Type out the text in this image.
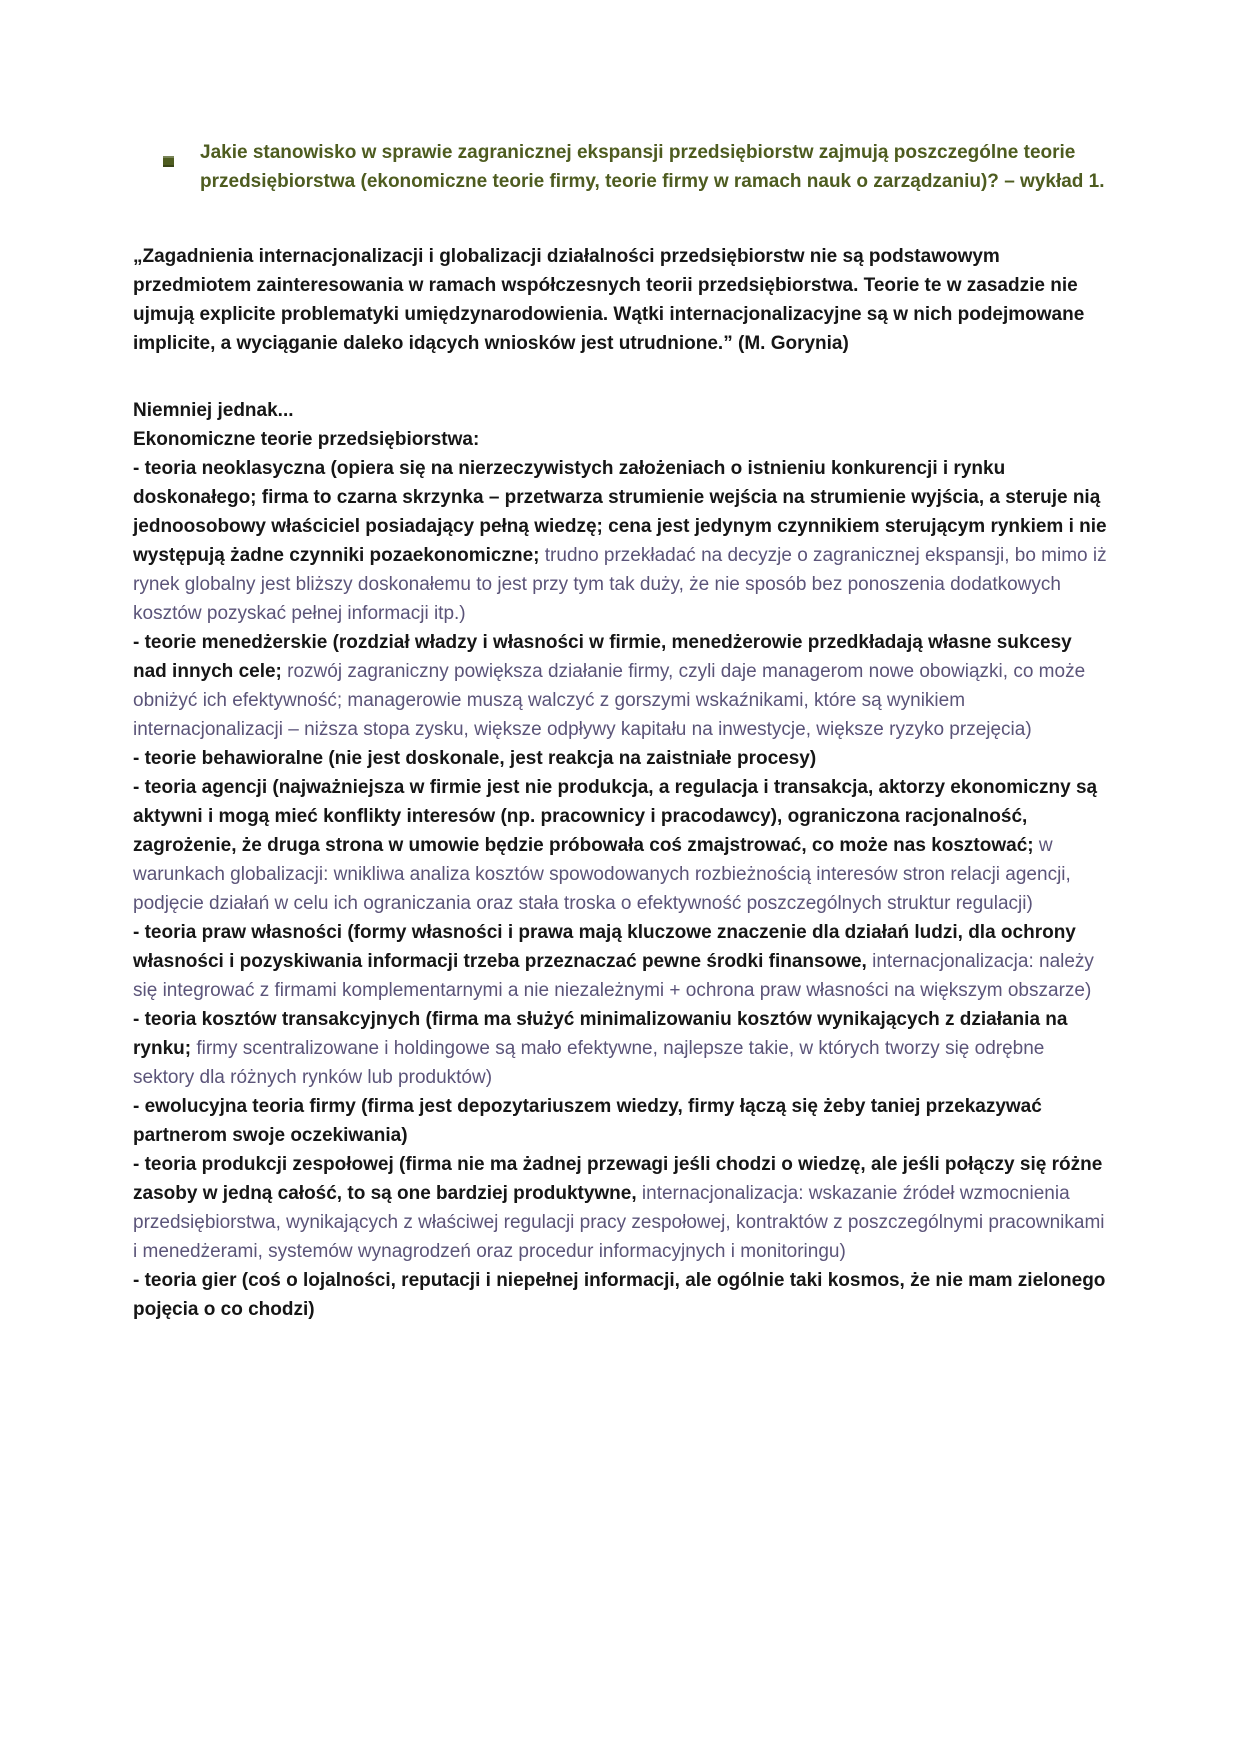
Jakie stanowisko w sprawie zagranicznej ekspansji przedsiębiorstw zajmują poszczególne teorie przedsiębiorstwa (ekonomiczne teorie firmy, teorie firmy w ramach nauk o zarządzaniu)? – wykład 1.
„Zagadnienia internacjonalizacji i globalizacji działalności przedsiębiorstw nie są podstawowym przedmiotem zainteresowania w ramach współczesnych teorii przedsiębiorstwa. Teorie te w zasadzie nie ujmują explicite problematyki umiędzynarodowienia. Wątki internacjonalizacyjne są w nich podejmowane implicite, a wyciąganie daleko idących wniosków jest utrudnione.” (M. Gorynia)
Niemniej jednak...
Ekonomiczne teorie przedsiębiorstwa:
- teoria neoklasyczna (opiera się na nierzeczywistych założeniach o istnieniu konkurencji i rynku doskonałego; firma to czarna skrzynka – przetwarza strumienie wejścia na strumienie wyjścia, a steruje nią jednoosobowy właściciel posiadający pełną wiedzę; cena jest jedynym czynnikiem sterującym rynkiem i nie występują żadne czynniki pozaekonomiczne; trudno przekładać na decyzje o zagranicznej ekspansji, bo mimo iż rynek globalny jest bliższy doskonałemu to jest przy tym tak duży, że nie sposób bez ponoszenia dodatkowych kosztów pozyskać pełnej informacji itp.)
- teorie menedżerskie (rozdział władzy i własności w firmie, menedżerowie przedkładają własne sukcesy nad innych cele; rozwój zagraniczny powiększa działanie firmy, czyli daje managerom nowe obowiązki, co może obniżyć ich efektywność; managerowie muszą walczyć z gorszymi wskaźnikami, które są wynikiem internacjonalizacji – niższa stopa zysku, większe odpływy kapitału na inwestycje, większe ryzyko przejęcia)
- teorie behawioralne (nie jest doskonale, jest reakcja na zaistniałe procesy)
- teoria agencji (najważniejsza w firmie jest nie produkcja, a regulacja i transakcja, aktorzy ekonomiczny są aktywni i mogą mieć konflikty interesów (np. pracownicy i pracodawcy), ograniczona racjonalność, zagrożenie, że druga strona w umowie będzie próbowała coś zmajstrować, co może nas kosztować; w warunkach globalizacji: wnikliwa analiza kosztów spowodowanych rozbieżnością interesów stron relacji agencji, podjęcie działań w celu ich ograniczania oraz stała troska o efektywność poszczególnych struktur regulacji)
- teoria praw własności (formy własności i prawa mają kluczowe znaczenie dla działań ludzi, dla ochrony własności i pozyskiwania informacji trzeba przeznaczać pewne środki finansowe, internacjonalizacja: należy się integrować z firmami komplementarnymi a nie niezależnymi + ochrona praw własności na większym obszarze)
- teoria kosztów transakcyjnych (firma ma służyć minimalizowaniu kosztów wynikających z działania na rynku; firmy scentralizowane i holdingowe są mało efektywne, najlepsze takie, w których tworzy się odrębne sektory dla różnych rynków lub produktów)
- ewolucyjna teoria firmy (firma jest depozytariuszem wiedzy, firmy łączą się żeby taniej przekazywać partnerom swoje oczekiwania)
- teoria produkcji zespołowej (firma nie ma żadnej przewagi jeśli chodzi o wiedzę, ale jeśli połączy się różne zasoby w jedną całość, to są one bardziej produktywne, internacjonalizacja: wskazanie źródeł wzmocnienia przedsiębiorstwa, wynikających z właściwej regulacji pracy zespołowej, kontraktów z poszczególnymi pracownikami i menedżerami, systemów wynagrodzeń oraz procedur informacyjnych i monitoringu)
- teoria gier (coś o lojalności, reputacji i niepełnej informacji, ale ogólnie taki kosmos, że nie mam zielonego pojęcia o co chodzi)
